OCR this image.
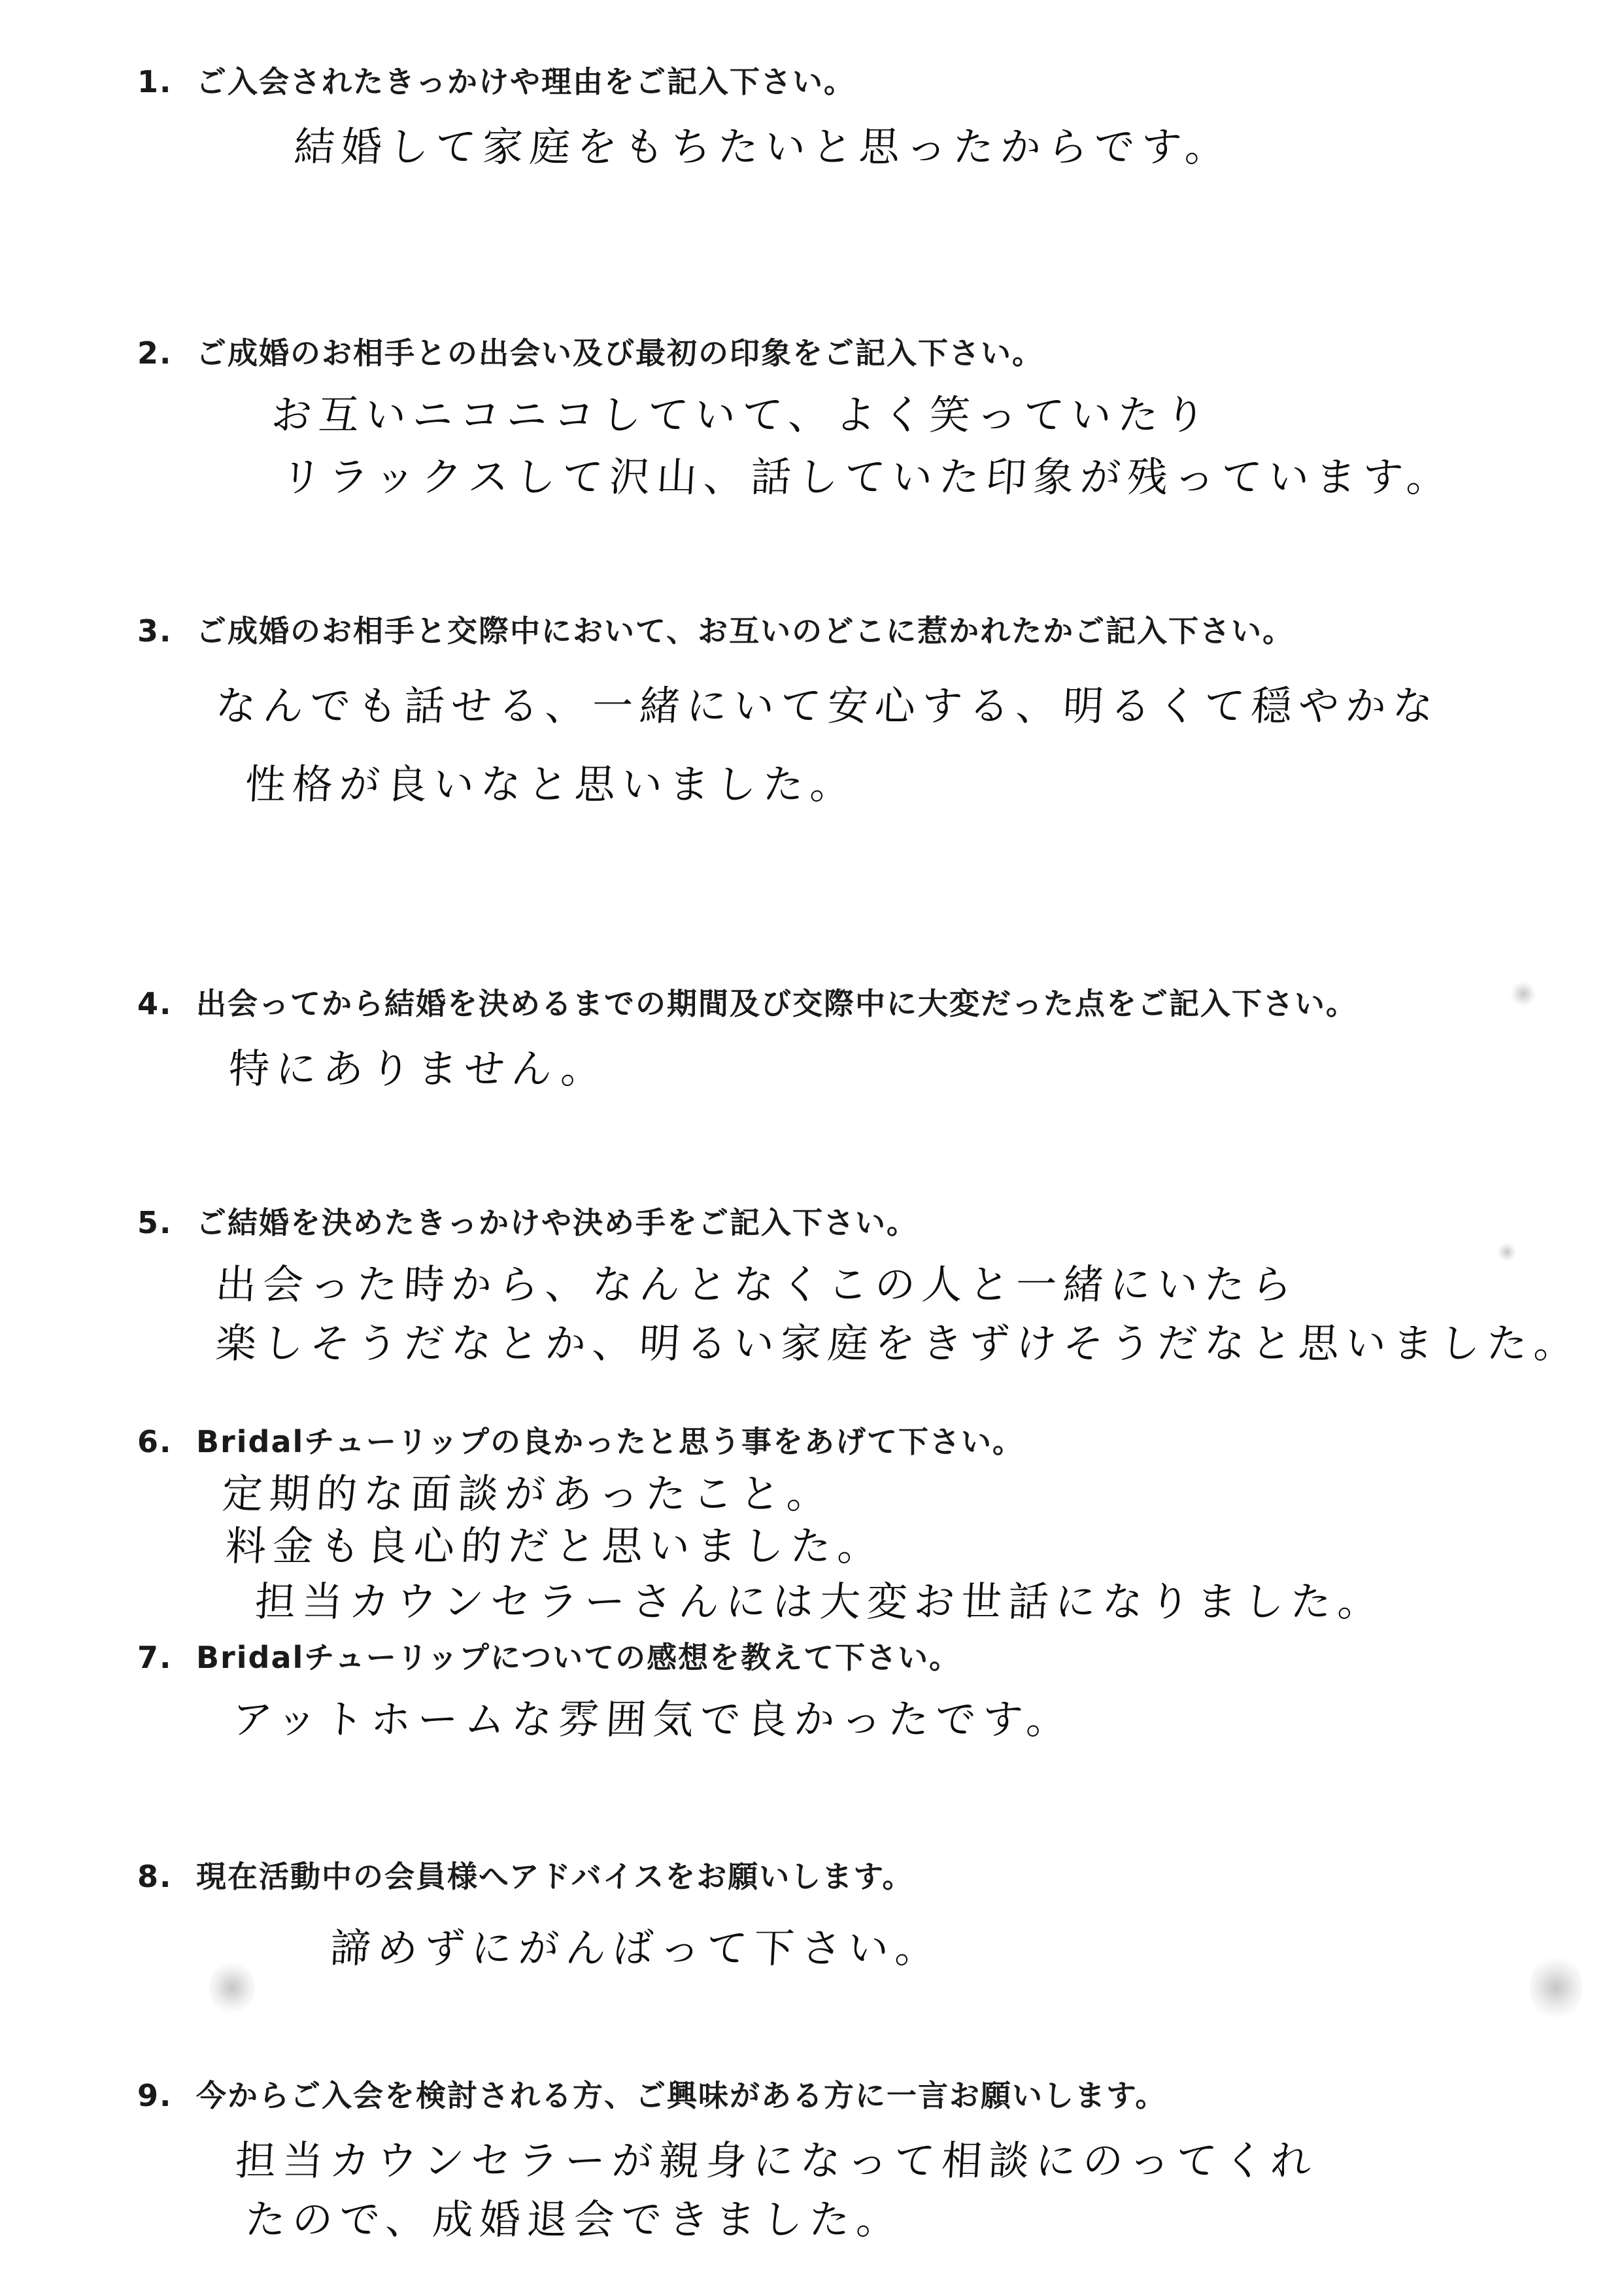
1. ご入会されたきっかけや理由をご記入下さい。
結婚して家庭をもちたいと思ったからです。
2. ご成婚のお相手との出会い及び最初の印象をご記入下さい。
お互いニコニコしていて、よく笑っていたり
リラックスして沢山、話していた印象が残っています。
3. ご成婚のお相手と交際中において、お互いのどこに惹かれたかご記入下さい。
なんでも話せる、一緒にいて安心する、明るくて穏やかな
性格が良いなと思いました。
4. 出会ってから結婚を決めるまでの期間及び交際中に大変だった点をご記入下さい。
特にありません。
5. ご結婚を決めたきっかけや決め手をご記入下さい。
出会った時から、なんとなくこの人と一緒にいたら
楽しそうだなとか、明るい家庭をきずけそうだなと思いました。
6. Bridalチューリップの良かったと思う事をあげて下さい。
定期的な面談があったこと。
料金も良心的だと思いました。
担当カウンセラーさんには大変お世話になりました。
7. Bridalチューリップについての感想を教えて下さい。
アットホームな雰囲気で良かったです。
8. 現在活動中の会員様へアドバイスをお願いします。
諦めずにがんばって下さい。
9. 今からご入会を検討される方、ご興味がある方に一言お願いします。
担当カウンセラーが親身になって相談にのってくれ
たので、成婚退会できました。
